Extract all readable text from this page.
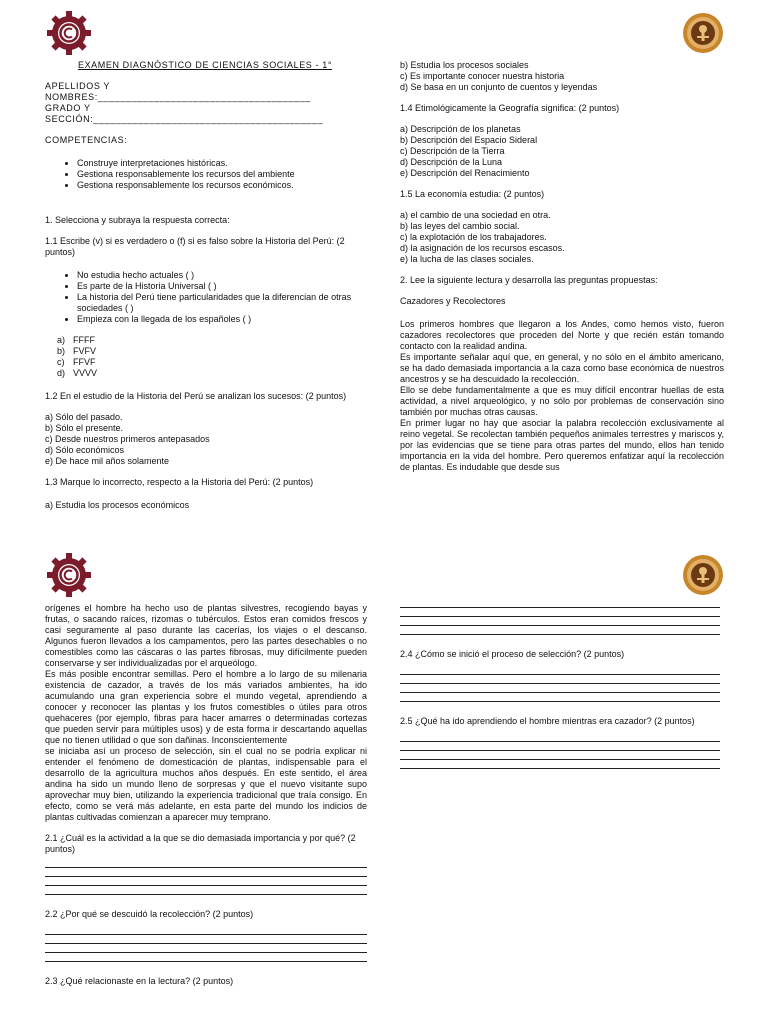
EXAMEN DIAGNÓSTICO DE CIENCIAS SOCIALES - 1°

APELLIDOS Y NOMBRES:______________________________________

GRADO Y SECCIÓN:_________________________________________

COMPETENCIAS:

• Construye interpretaciones históricas.
• Gestiona responsablemente los recursos del ambiente
• Gestiona responsablemente los recursos económicos.

1. Selecciona y subraya la respuesta correcta:

1.1 Escribe (v) si es verdadero o (f) si es falso sobre la Historia del Perú: (2 puntos)

• No estudia hecho actuales ( )
• Es parte de la Historia Universal ( )
• La historia del Perú tiene particularidades que la diferencian de otras sociedades ( )
• Empieza con la llegada de los españoles ( )
a) FFFF
b) FVFV
c) FFVF
d) VVVV

1.2 En el estudio de la Historia del Perú se analizan los sucesos: (2 puntos)

a) Sólo del pasado.

b) Sólo el presente.

c) Desde nuestros primeros antepasados

d) Sólo económicos

e) De hace mil años solamente

1.3 Marque lo incorrecto, respecto a la Historia del Perú: (2 puntos)

a) Estudia los procesos económicos

b) Estudia los procesos sociales

c) Es importante conocer nuestra historia

d) Se basa en un conjunto de cuentos y leyendas

1.4 Etimológicamente la Geografía significa: (2 puntos)

a) Descripción de los planetas

b) Descripción del Espacio Sideral

c) Descripción de la Tierra

d) Descripción de la Luna

e) Descripción del Renacimiento

1.5 La economía estudia: (2 puntos)

a) el cambio de una sociedad en otra.

b) las leyes del cambio social.

c) la explotación de los trabajadores.

d) la asignación de los recursos escasos.

e) la lucha de las clases sociales.

2. Lee la siguiente lectura y desarrolla las preguntas propuestas:

Cazadores y Recolectores

Los primeros hombres que llegaron a los Andes, como hemos visto, fueron cazadores recolectores que proceden del Norte y que recién están tomando contacto con la realidad andina.

Es importante señalar aquí que, en general, y no sólo en el ámbito americano, se ha dado demasiada importancia a la caza como base económica de nuestros ancestros y se ha descuidado la recolección.

Ello se debe fundamentalmente a que es muy difícil encontrar huellas de esta actividad, a nivel arqueológico, y no sólo por problemas de conservación sino también por muchas otras causas.

En primer lugar no hay que asociar la palabra recolección exclusivamente al reino vegetal. Se recolectan también pequeños animales terrestres y mariscos y, por las evidencias que se tiene para otras partes del mundo, ellos han tenido importancia en la vida del hombre. Pero queremos enfatizar aquí la recolección de plantas. Es indudable que desde sus

orígenes el hombre ha hecho uso de plantas silvestres, recogiendo bayas y frutas, o sacando raíces, rizomas o tubérculos. Estos eran comidos frescos y casi seguramente al paso durante las cacerías, los viajes o el descanso. Algunos fueron llevados a los campamentos, pero las partes desechables o no comestibles como las cáscaras o las partes fibrosas, muy difícilmente pueden conservarse y ser individualizadas por el arqueólogo.

Es más posible encontrar semillas. Pero el hombre a lo largo de su milenaria existencia de cazador, a través de los más variados ambientes, ha ido acumulando una gran experiencia sobre el mundo vegetal, aprendiendo a conocer y reconocer las plantas y los frutos comestibles o útiles para otros quehaceres (por ejemplo, fibras para hacer amarres o determinadas cortezas que pueden servir para múltiples usos) y de esta forma ir descartando aquellas que no tienen utilidad o que son dañinas. Inconscientemente

se iniciaba así un proceso de selección, sin el cual no se podría explicar ni entender el fenómeno de domesticación de plantas, indispensable para el desarrollo de la agricultura muchos años después. En este sentido, el área andina ha sido un mundo lleno de sorpresas y que el nuevo visitante supo aprovechar muy bien, utilizando la experiencia tradicional que traía consigo. En efecto, como se verá más adelante, en esta parte del mundo los indicios de plantas cultivadas comienzan a aparecer muy temprano.

2.1 ¿Cuál es la actividad a la que se dio demasiada importancia y por qué? (2 puntos)

2.2 ¿Por qué se descuidó la recolección? (2 puntos)

2.3 ¿Qué relacionaste en la lectura? (2 puntos)

2.4 ¿Cómo se inició el proceso de selección? (2 puntos)

2.5 ¿Qué ha ido aprendiendo el hombre mientras era cazador? (2 puntos)
